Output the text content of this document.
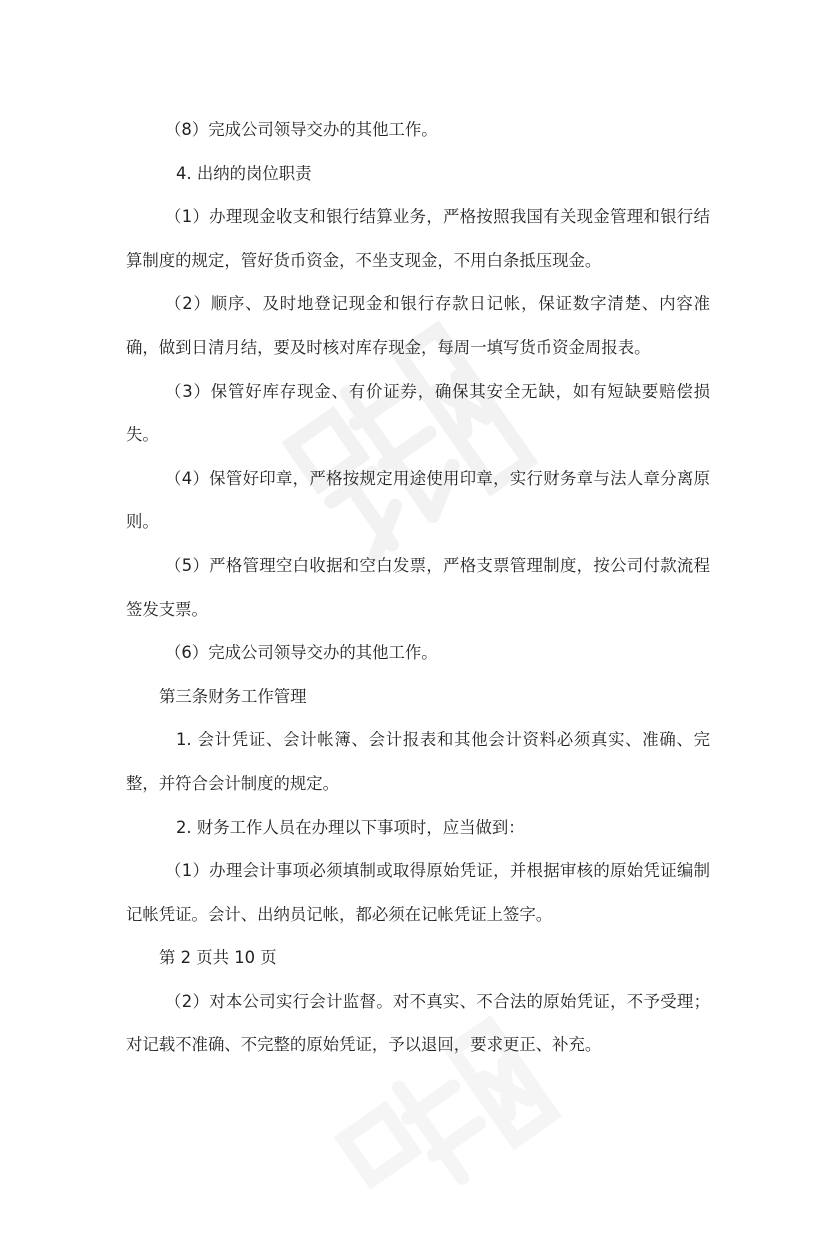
（8）完成公司领导交办的其他工作。

4. 出纳的岗位职责

（1）办理现金收支和银行结算业务，严格按照我国有关现金管理和银行结算制度的规定，管好货币资金，不坐支现金，不用白条抵压现金。

（2）顺序、及时地登记现金和银行存款日记帐，保证数字清楚、内容准确，做到日清月结，要及时核对库存现金，每周一填写货币资金周报表。

（3）保管好库存现金、有价证券，确保其安全无缺，如有短缺要赔偿损失。

（4）保管好印章，严格按规定用途使用印章，实行财务章与法人章分离原则。

（5）严格管理空白收据和空白发票，严格支票管理制度，按公司付款流程签发支票。

（6）完成公司领导交办的其他工作。

第三条财务工作管理

1. 会计凭证、会计帐簿、会计报表和其他会计资料必须真实、准确、完整，并符合会计制度的规定。

2. 财务工作人员在办理以下事项时，应当做到：

（1）办理会计事项必须填制或取得原始凭证，并根据审核的原始凭证编制记帐凭证。会计、出纳员记帐，都必须在记帐凭证上签字。

第 2 页共 10 页

（2）对本公司实行会计监督。对不真实、不合法的原始凭证，不予受理；对记载不准确、不完整的原始凭证，予以退回，要求更正、补充。
